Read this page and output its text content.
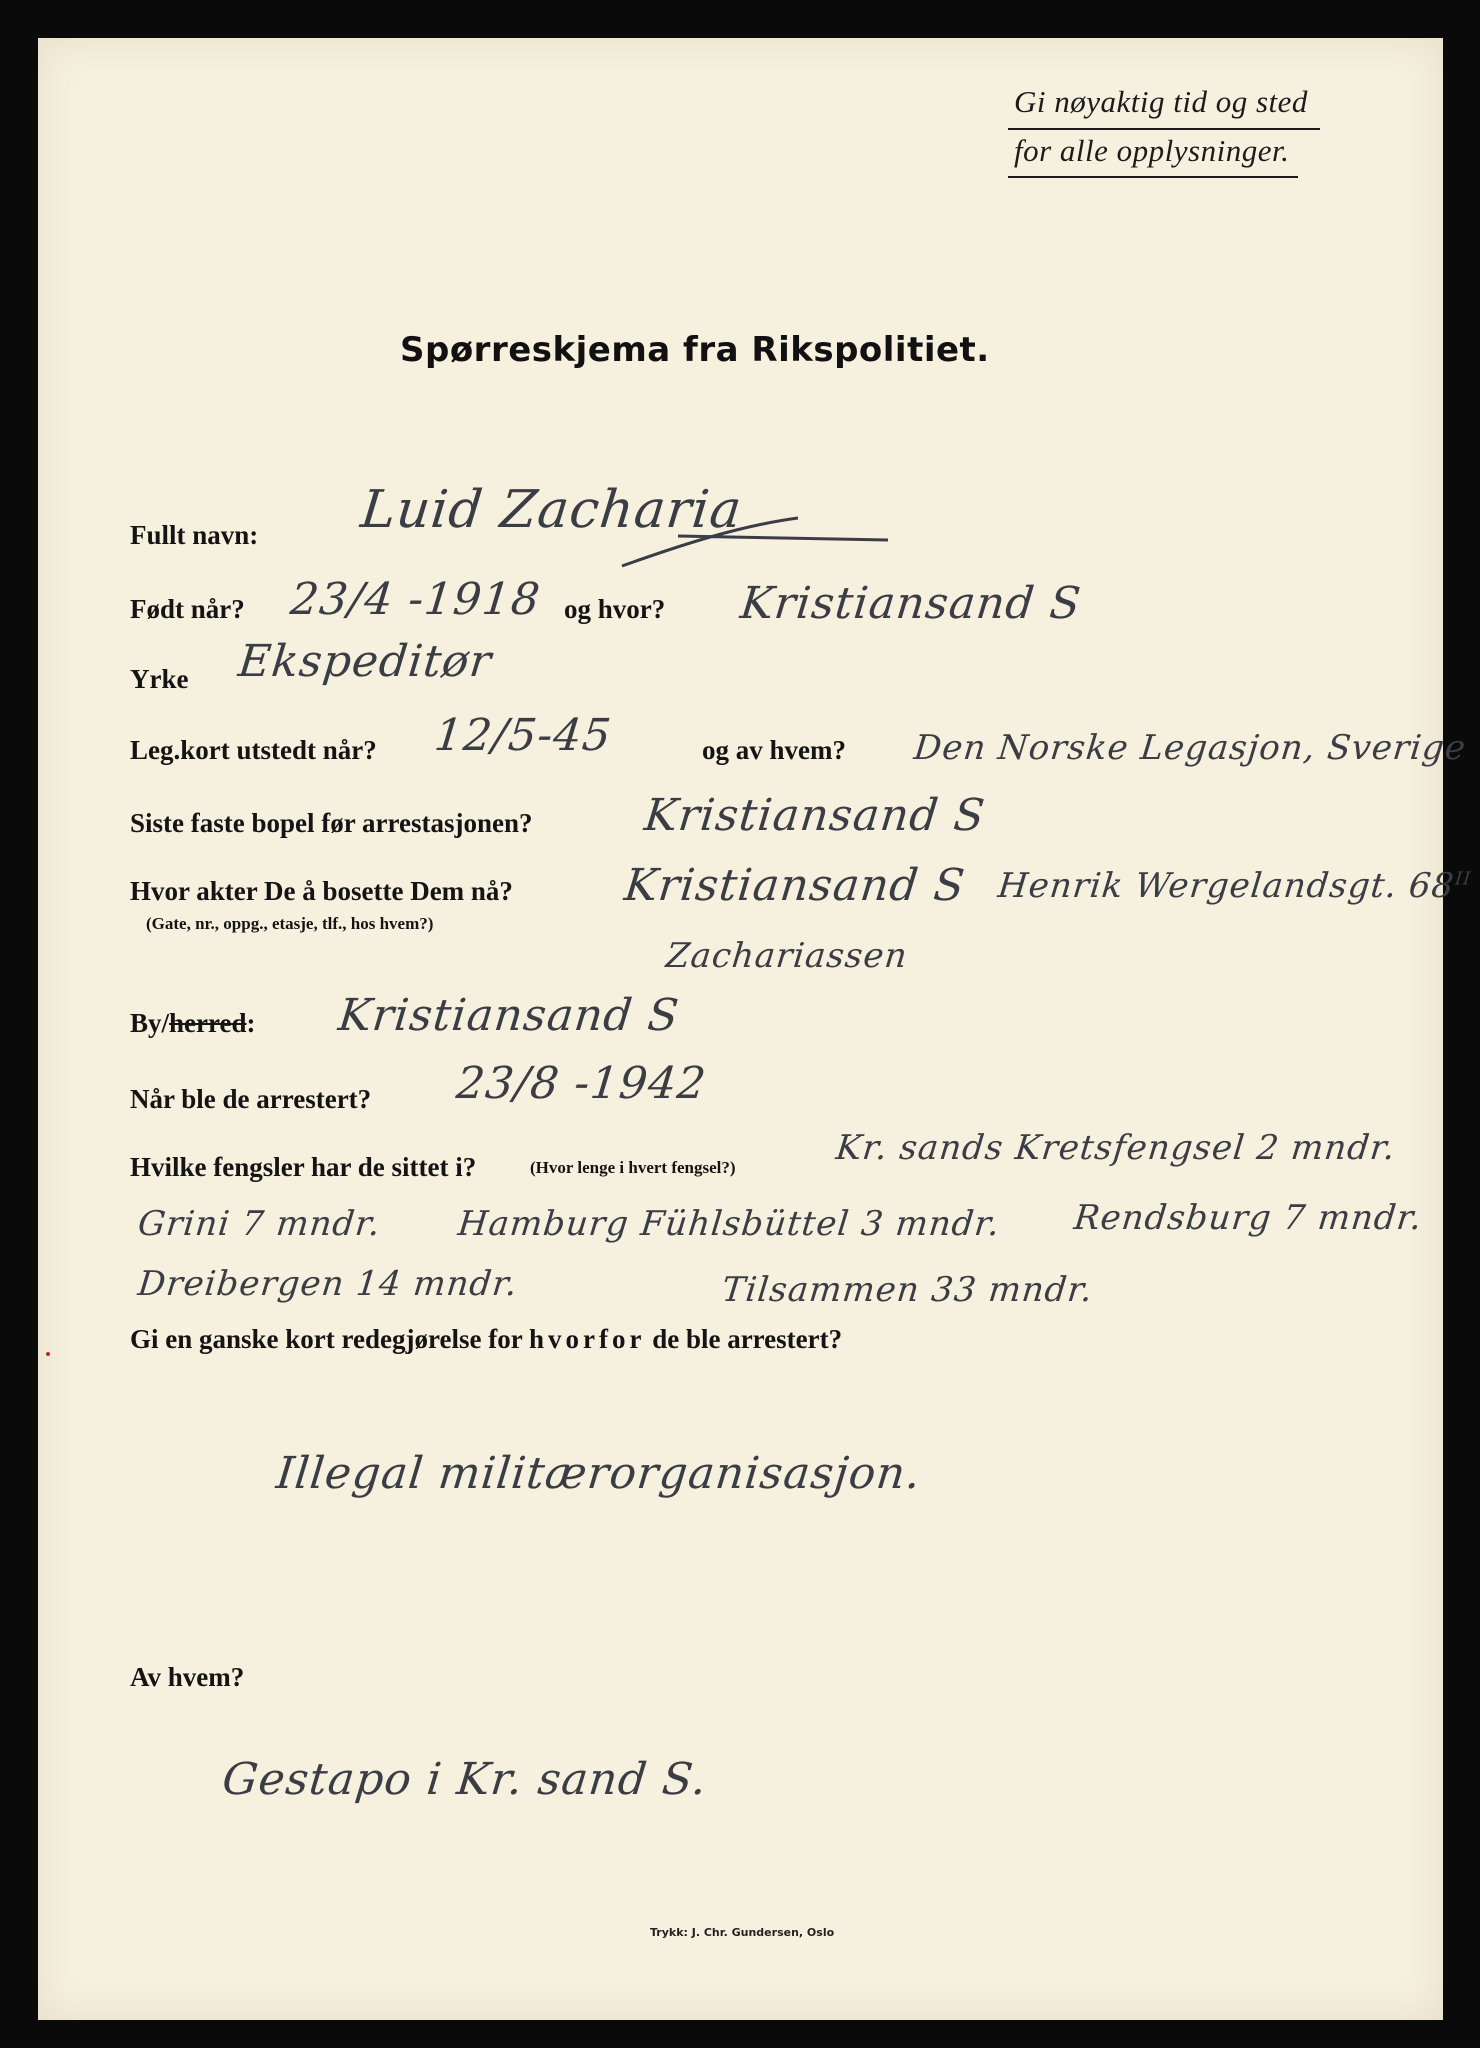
Gi nøyaktig tid og sted
for alle opplysninger.
Spørreskjema fra Rikspolitiet.
Fullt navn: Luid Zacharia
Født når? 23/4 -1918 og hvor? Kristiansand S
Yrke Ekspeditør
Leg.kort utstedt når? 12/5-45	og av hvem? Den Norske Legasjon, Sverige
Siste faste bopel før arrestasjonen? Kristiansand S
Hvor akter De å bosette Dem nå?
(Gate, nr., oppg., etasje, tlf., hos hvem?)
Kristiansand S Henrik Wergelandsgt. $68^{II}$
Zachariassen
By/herred: Kristiansand S
Når ble de arrestert? 23/8 -1942
Hvilke fengsler har de sittet i?	(Hvor lenge i hvert fengsel?)	Kr. sands Kretsfengsel 2 mndr.
Grini 7 mndr. Hamburg Fühlsbüttel 3 mndr. Rendsburg 7 mndr.
Dreibergen 14 mndr.	Tilsammen 33 mndr.
Gi en ganske kort redegjørelse for hvorfor de ble arrestert?
Illegal militærorganisasjon.
Av hvem?
Gestapo i Kr. sand S.
Trykk: J. Chr. Gundersen, Oslo
